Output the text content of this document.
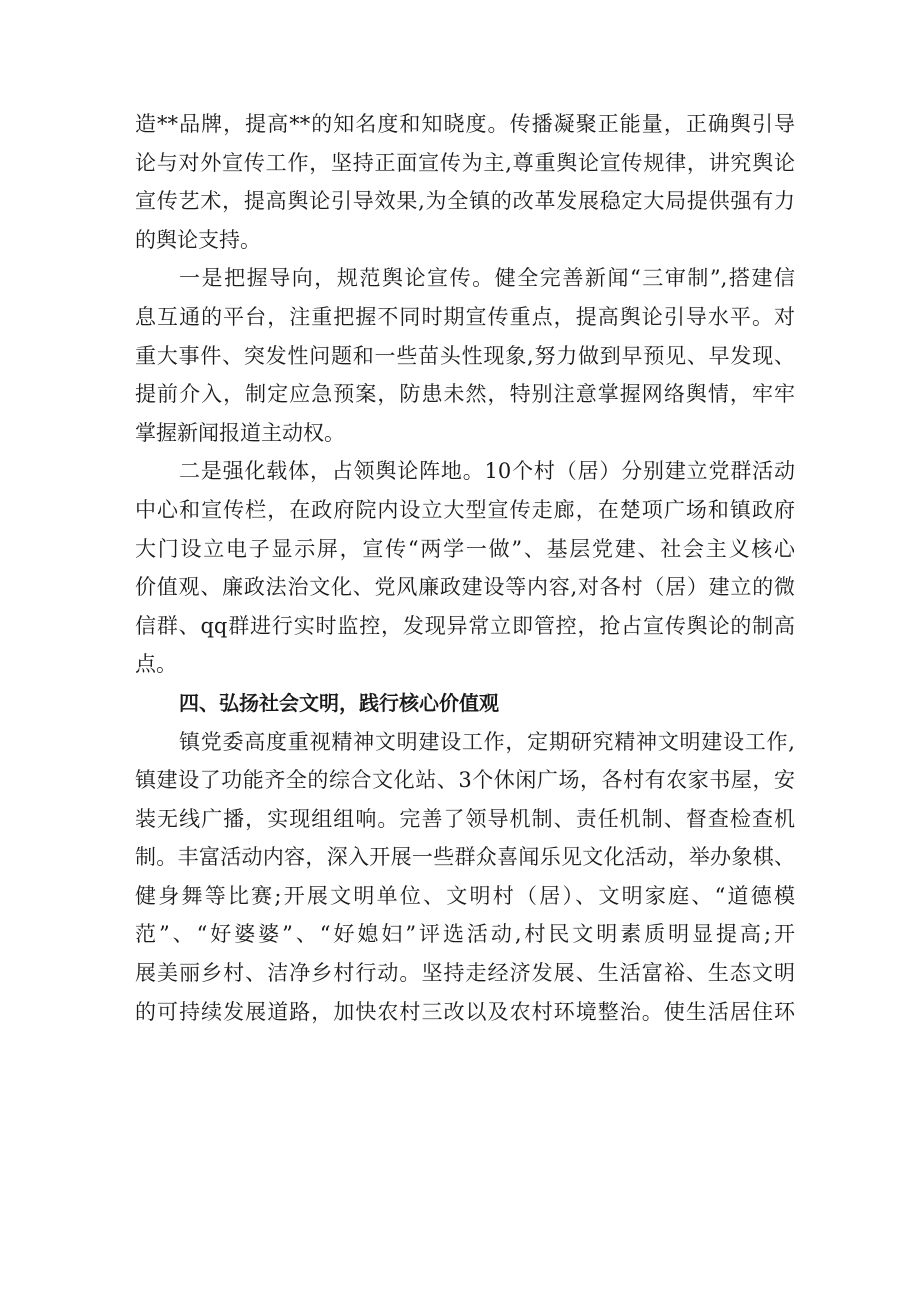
造**品牌，提高**的知名度和知晓度。传播凝聚正能量，正确舆引导
论与对外宣传工作，坚持正面宣传为主,尊重舆论宣传规律，讲究舆论
宣传艺术，提高舆论引导效果,为全镇的改革发展稳定大局提供强有力
的舆论支持。
一是把握导向，规范舆论宣传。健全完善新闻“三审制”,搭建信
息互通的平台，注重把握不同时期宣传重点，提高舆论引导水平。对
重大事件、突发性问题和一些苗头性现象,努力做到早预见、早发现、
提前介入，制定应急预案，防患未然，特别注意掌握网络舆情，牢牢
掌握新闻报道主动权。
二是强化载体，占领舆论阵地。10个村（居）分别建立党群活动
中心和宣传栏，在政府院内设立大型宣传走廊，在楚项广场和镇政府
大门设立电子显示屏，宣传“两学一做”、基层党建、社会主义核心
价值观、廉政法治文化、党风廉政建设等内容,对各村（居）建立的微
信群、qq群进行实时监控，发现异常立即管控，抢占宣传舆论的制高
点。
四、弘扬社会文明，践行核心价值观
镇党委高度重视精神文明建设工作，定期研究精神文明建设工作,
镇建设了功能齐全的综合文化站、3个休闲广场，各村有农家书屋，安
装无线广播，实现组组响。完善了领导机制、责任机制、督查检查机
制。丰富活动内容，深入开展一些群众喜闻乐见文化活动，举办象棋、
健身舞等比赛;开展文明单位、文明村（居）、文明家庭、“道德模
范”、“好婆婆”、“好媳妇”评选活动,村民文明素质明显提高;开
展美丽乡村、洁净乡村行动。坚持走经济发展、生活富裕、生态文明
的可持续发展道路，加快农村三改以及农村环境整治。使生活居住环
